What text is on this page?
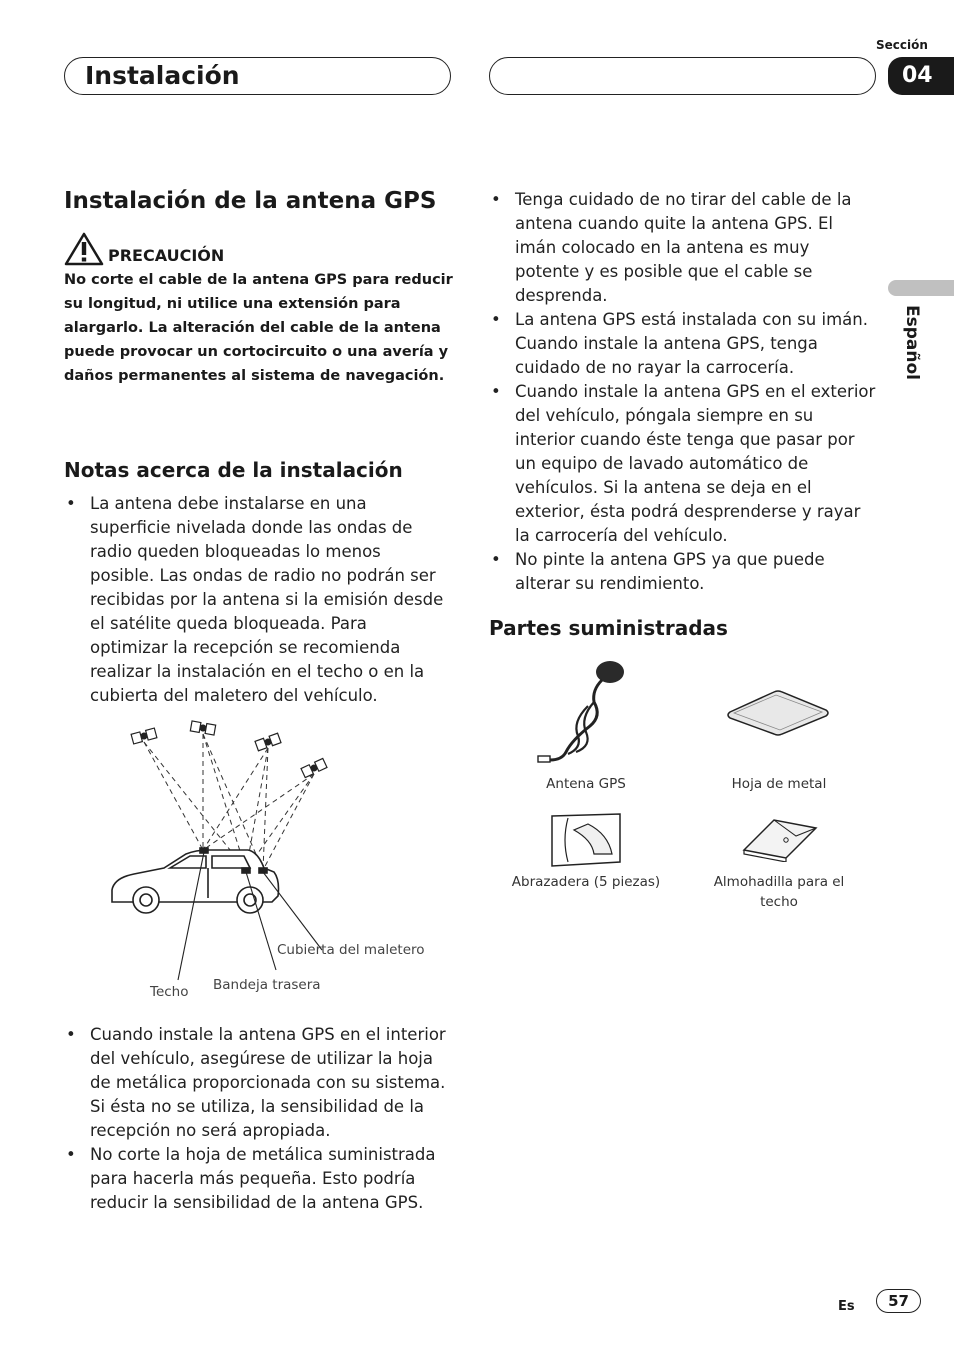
Instalación
Sección
04
Español
Instalación de la antena GPS
PRECAUCIÓN
No corte el cable de la antena GPS para reducir su longitud, ni utilice una extensión para alargarlo. La alteración del cable de la antena puede provocar un cortocircuito o una avería y daños permanentes al sistema de navegación.
Notas acerca de la instalación
• La antena debe instalarse en una superficie nivelada donde las ondas de radio queden bloqueadas lo menos posible. Las ondas de radio no podrán ser recibidas por la antena si la emisión desde el satélite queda bloqueada. Para optimizar la recepción se recomienda realizar la instalación en el techo o en la cubierta del maletero del vehículo.
Cubierta del maletero
Techo Bandeja trasera
• Cuando instale la antena GPS en el interior del vehículo, asegúrese de utilizar la hoja de metálica proporcionada con su sistema. Si ésta no se utiliza, la sensibilidad de la recepción no será apropiada.
• No corte la hoja de metálica suministrada para hacerla más pequeña. Esto podría reducir la sensibilidad de la antena GPS.
• Tenga cuidado de no tirar del cable de la antena cuando quite la antena GPS. El imán colocado en la antena es muy potente y es posible que el cable se desprenda.
• La antena GPS está instalada con su imán. Cuando instale la antena GPS, tenga cuidado de no rayar la carrocería.
• Cuando instale la antena GPS en el exterior del vehículo, póngala siempre en su interior cuando éste tenga que pasar por un equipo de lavado automático de vehículos. Si la antena se deja en el exterior, ésta podrá desprenderse y rayar la carrocería del vehículo.
• No pinte la antena GPS ya que puede alterar su rendimiento.
Partes suministradas
Antena GPS	Hoja de metal
Abrazadera (5 piezas)	Almohadilla para el techo
Es	57
